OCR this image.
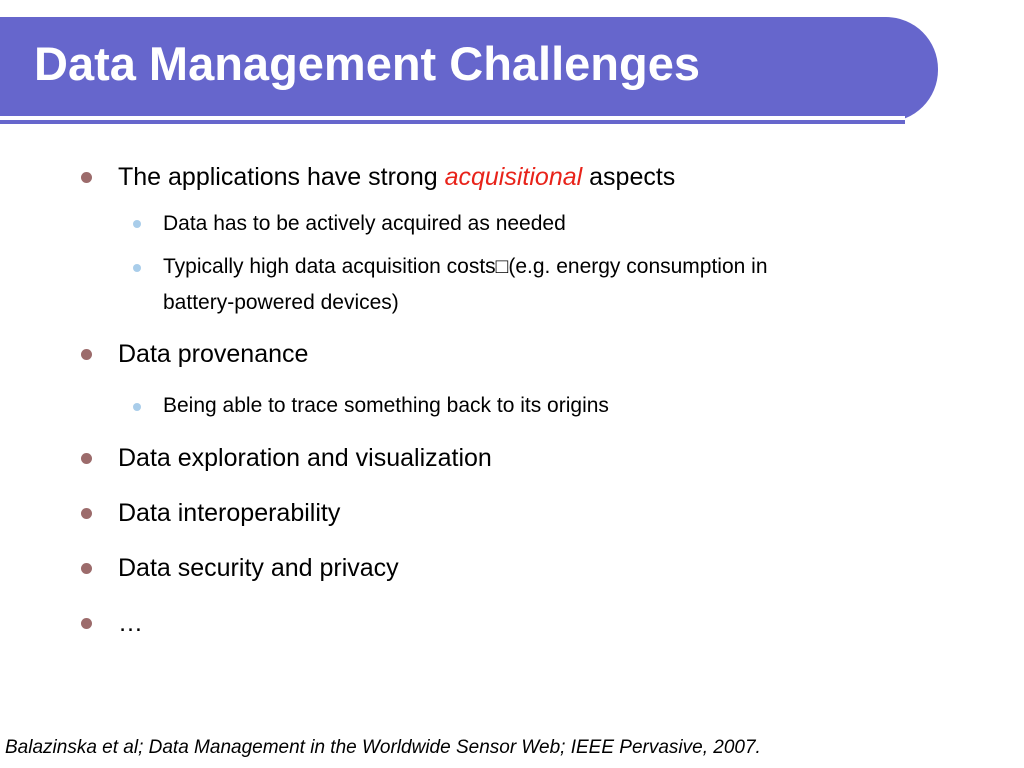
Data Management Challenges
The applications have strong acquisitional aspects
Data has to be actively acquired as needed
Typically high data acquisition costs□(e.g. energy consumption in
battery-powered devices)
Data provenance
Being able to trace something back to its origins
Data exploration and visualization
Data interoperability
Data security and privacy
…
Balazinska et al; Data Management in the Worldwide Sensor Web; IEEE Pervasive, 2007.
